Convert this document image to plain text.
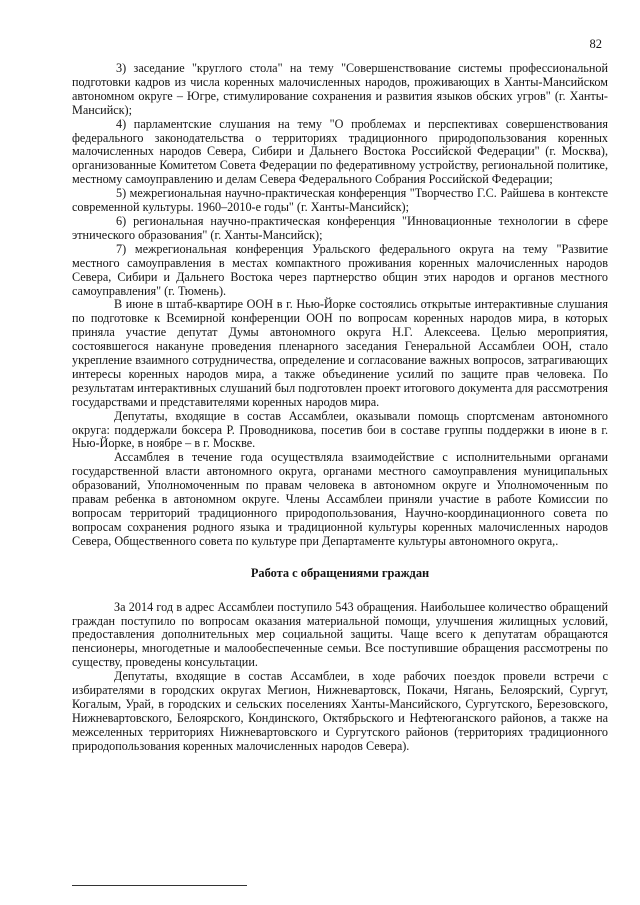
82

3) заседание "круглого стола" на тему "Совершенствование системы профессиональной подготовки кадров из числа коренных малочисленных народов, проживающих в Ханты-Мансийском автономном округе – Югре, стимулирование сохранения и развития языков обских угров" (г. Ханты-Мансийск);

4) парламентские слушания на тему "О проблемах и перспективах совершенствования федерального законодательства о территориях традиционного природопользования коренных малочисленных народов Севера, Сибири и Дальнего Востока Российской Федерации" (г. Москва), организованные Комитетом Совета Федерации по федеративному устройству, региональной политике, местному самоуправлению и делам Севера Федерального Собрания Российской Федерации;

5) межрегиональная научно-практическая конференция "Творчество Г.С. Райшева в контексте современной культуры. 1960–2010-е годы" (г. Ханты-Мансийск);

6) региональная научно-практическая конференция "Инновационные технологии в сфере этнического образования" (г. Ханты-Мансийск);

7) межрегиональная конференция Уральского федерального округа на тему "Развитие местного самоуправления в местах компактного проживания коренных малочисленных народов Севера, Сибири и Дальнего Востока через партнерство общин этих народов и органов местного самоуправления" (г. Тюмень).

В июне в штаб-квартире ООН в г. Нью-Йорке состоялись открытые интерактивные слушания по подготовке к Всемирной конференции ООН по вопросам коренных народов мира, в которых приняла участие депутат Думы автономного округа Н.Г. Алексеева. Целью мероприятия, состоявшегося накануне проведения пленарного заседания Генеральной Ассамблеи ООН, стало укрепление взаимного сотрудничества, определение и согласование важных вопросов, затрагивающих интересы коренных народов мира, а также объединение усилий по защите прав человека. По результатам интерактивных слушаний был подготовлен проект итогового документа для рассмотрения государствами и представителями коренных народов мира.

Депутаты, входящие в состав Ассамблеи, оказывали помощь спортсменам автономного округа: поддержали боксера Р. Проводникова, посетив бои в составе группы поддержки в июне в г. Нью-Йорке, в ноябре – в г. Москве.

Ассамблея в течение года осуществляла взаимодействие с исполнительными органами государственной власти автономного округа, органами местного самоуправления муниципальных образований, Уполномоченным по правам человека в автономном округе и Уполномоченным по правам ребенка в автономном округе. Члены Ассамблеи приняли участие в работе Комиссии по вопросам территорий традиционного природопользования, Научно-координационного совета по вопросам сохранения родного языка и традиционной культуры коренных малочисленных народов Севера, Общественного совета по культуре при Департаменте культуры автономного округа,.

Работа с обращениями граждан

За 2014 год в адрес Ассамблеи поступило 543 обращения. Наибольшее количество обращений граждан поступило по вопросам оказания материальной помощи, улучшения жилищных условий, предоставления дополнительных мер социальной защиты. Чаще всего к депутатам обращаются пенсионеры, многодетные и малообеспеченные семьи. Все поступившие обращения рассмотрены по существу, проведены консультации.

Депутаты, входящие в состав Ассамблеи, в ходе рабочих поездок провели встречи с избирателями в городских округах Мегион, Нижневартовск, Покачи, Нягань, Белоярский, Сургут, Когалым, Урай, в городских и сельских поселениях Ханты-Мансийского, Сургутского, Березовского, Нижневартовского, Белоярского, Кондинского, Октябрьского и Нефтеюганского районов, а также на межселенных территориях Нижневартовского и Сургутского районов (территориях традиционного природопользования коренных малочисленных народов Севера).
